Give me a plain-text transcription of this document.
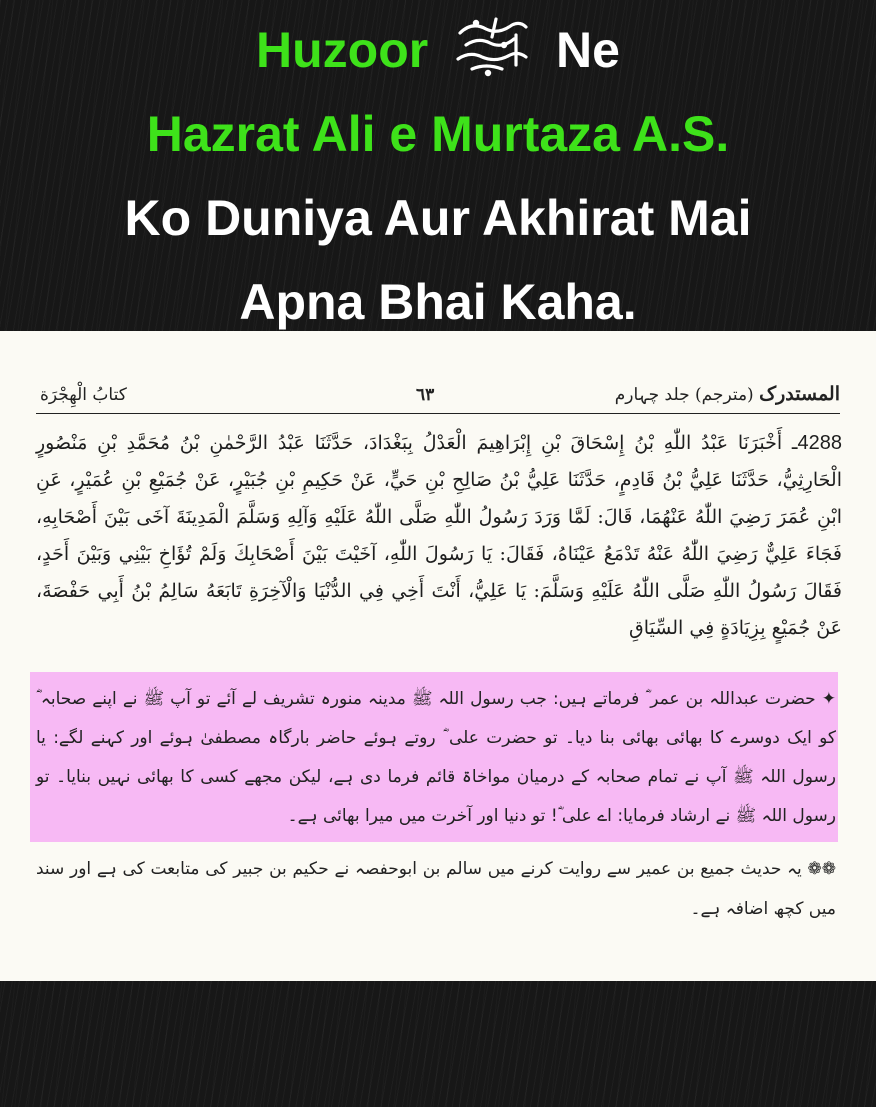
Huzoor	Ne
Hazrat Ali e Murtaza A.S.
Ko Duniya Aur Akhirat Mai
Apna Bhai Kaha.
كتابُ الْهِجْرَة	٦٣	المستدرک (مترجم) جلد چہارم
4288ـ أَخْبَرَنَا عَبْدُ اللّٰهِ بْنُ إِسْحَاقَ بْنِ إِبْرَاهِيمَ الْعَدْلُ بِبَغْدَادَ، حَدَّثَنَا عَبْدُ الرَّحْمٰنِ بْنُ مُحَمَّدِ بْنِ مَنْصُورٍ الْحَارِثِيُّ، حَدَّثَنَا عَلِيُّ بْنُ قَادِمٍ، حَدَّثَنَا عَلِيُّ بْنُ صَالِحِ بْنِ حَيٍّ، عَنْ حَكِيمِ بْنِ جُبَيْرٍ، عَنْ جُمَيْعِ بْنِ عُمَيْرٍ، عَنِ ابْنِ عُمَرَ رَضِيَ اللّٰهُ عَنْهُمَا، قَالَ: لَمَّا وَرَدَ رَسُولُ اللّٰهِ صَلَّى اللّٰهُ عَلَيْهِ وَآلِهِ وَسَلَّمَ الْمَدِينَةَ آخَى بَيْنَ أَصْحَابِهِ، فَجَاءَ عَلِيٌّ رَضِيَ اللّٰهُ عَنْهُ تَدْمَعُ عَيْنَاهُ، فَقَالَ: يَا رَسُولَ اللّٰهِ، آخَيْتَ بَيْنَ أَصْحَابِكَ وَلَمْ تُؤَاخِ بَيْنِي وَبَيْنَ أَحَدٍ، فَقَالَ رَسُولُ اللّٰهِ صَلَّى اللّٰهُ عَلَيْهِ وَسَلَّمَ: يَا عَلِيُّ، أَنْتَ أَخِي فِي الدُّنْيَا وَالْآخِرَةِ تَابَعَهُ سَالِمُ بْنُ أَبِي حَفْصَةَ، عَنْ جُمَيْعٍ بِزِيَادَةٍ فِي السِّيَاقِ
✦ حضرت عبداللہ بن عمر ؓ فرماتے ہیں: جب رسول اللہ ﷺ مدینہ منورہ تشریف لے آئے تو آپ ﷺ نے اپنے صحابہ ؓ کو ایک دوسرے کا بھائی بھائی بنا دیا۔ تو حضرت علی ؓ روتے ہوئے حاضر بارگاہ مصطفیٰ ہوئے اور کہنے لگے: یا رسول اللہ ﷺ آپ نے تمام صحابہ کے درمیان مواخاۃ قائم فرما دی ہے، لیکن مجھے کسی کا بھائی نہیں بنایا۔ تو رسول اللہ ﷺ نے ارشاد فرمایا: اے علی ؓ! تو دنیا اور آخرت میں میرا بھائی ہے۔
❁❁ یہ حدیث جمیع بن عمیر سے روایت کرنے میں سالم بن ابوحفصہ نے حکیم بن جبیر کی متابعت کی ہے اور سند میں کچھ اضافہ ہے۔
